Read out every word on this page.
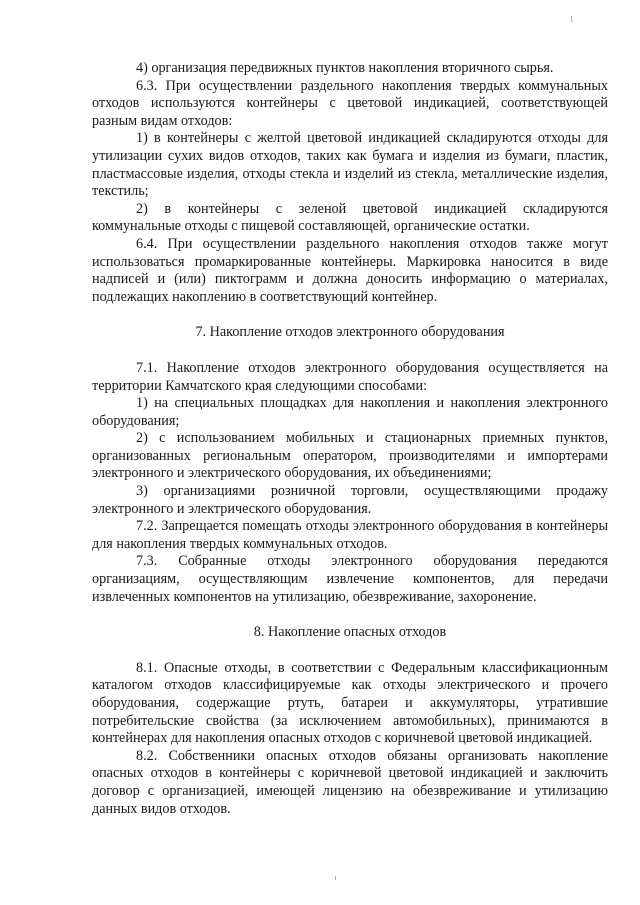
4) организация передвижных пунктов накопления вторичного сырья.

6.3. При осуществлении раздельного накопления твердых коммунальных отходов используются контейнеры с цветовой индикацией, соответствующей разным видам отходов:

1) в контейнеры с желтой цветовой индикацией складируются отходы для утилизации сухих видов отходов, таких как бумага и изделия из бумаги, пластик, пластмассовые изделия, отходы стекла и изделий из стекла, металлические изделия, текстиль;

2) в контейнеры с зеленой цветовой индикацией складируются коммунальные отходы с пищевой составляющей, органические остатки.

6.4. При осуществлении раздельного накопления отходов также могут использоваться промаркированные контейнеры. Маркировка наносится в виде надписей и (или) пиктограмм и должна доносить информацию о материалах, подлежащих накоплению в соответствующий контейнер.

7. Накопление отходов электронного оборудования

7.1. Накопление отходов электронного оборудования осуществляется на территории Камчатского края следующими способами:

1) на специальных площадках для накопления и накопления электронного оборудования;

2) с использованием мобильных и стационарных приемных пунктов, организованных региональным оператором, производителями и импортерами электронного и электрического оборудования, их объединениями;

3) организациями розничной торговли, осуществляющими продажу электронного и электрического оборудования.

7.2. Запрещается помещать отходы электронного оборудования в контейнеры для накопления твердых коммунальных отходов.

7.3. Собранные отходы электронного оборудования передаются организациям, осуществляющим извлечение компонентов, для передачи извлеченных компонентов на утилизацию, обезвреживание, захоронение.

8. Накопление опасных отходов

8.1. Опасные отходы, в соответствии с Федеральным классификационным каталогом отходов классифицируемые как отходы электрического и прочего оборудования, содержащие ртуть, батареи и аккумуляторы, утратившие потребительские свойства (за исключением автомобильных), принимаются в контейнерах для накопления опасных отходов с коричневой цветовой индикацией.

8.2. Собственники опасных отходов обязаны организовать накопление опасных отходов в контейнеры с коричневой цветовой индикацией и заключить договор с организацией, имеющей лицензию на обезвреживание и утилизацию данных видов отходов.
